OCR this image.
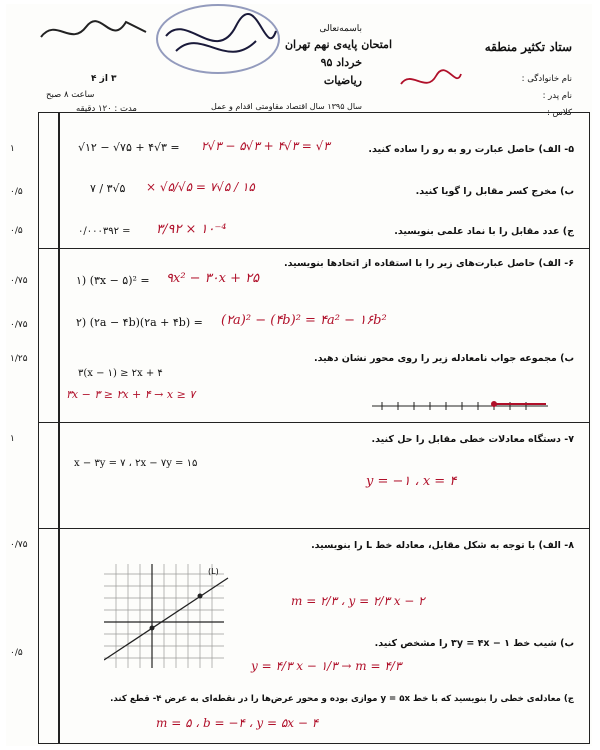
باسمه‌تعالی
امتحان پایه‌ی نهم تهران
خرداد ۹۵
ریاضیات
ستاد تکثیر منطقه
نام خانوادگی :
نام پدر :
کلاس :
۳ از ۴
ساعت ۸ صبح
مدت : ۱۲۰ دقیقه	سال ۱۳۹۵ سال اقتصاد مقاومتی اقدام و عمل
۱	۵- الف) حاصل عبارت رو به رو را ساده کنید.
√۱۲ − √۷۵ + ۴√۳ = ۲√۳ − ۵√۳ + ۴√۳ = √۳
۰/۵	ب) مخرج کسر مقابل را گویا کنید.
۷ / ۳√۵ × √۵/√۵ = ۷√۵ / ۱۵
۰/۵	ج) عدد مقابل را با نماد علمی بنویسید.
۰/۰۰۰۳۹۲ = ۳/۹۲ × ۱۰⁻⁴
۰/۷۵
۶- الف) حاصل عبارت‌های زیر را با استفاده از اتحادها بنویسید.
۱) (۳x − ۵)² = ۹x² − ۳۰x + ۲۵
۰/۷۵	۲) (۲a − ۴b)(۲a + ۴b) = (۲a)² − (۴b)² = ۴a² − ۱۶b²
۱/۲۵	ب) مجموعه جواب نامعادله زیر را روی محور نشان دهید.
۳(x − ۱) ≥ ۲x + ۴
۳x − ۳ ≥ ۲x + ۴ → x ≥ ۷
۱	۷- دستگاه معادلات خطی مقابل را حل کنید.
x − ۳y = ۷ ، ۲x − ۷y = ۱۵
y = −۱ ، x = ۴
۰/۷۵	۸- الف) با توجه به شکل مقابل، معادله خط L را بنویسید.
m = ۲/۳ ، y = ۲/۳ x − ۲
(L)
۰/۵
ب) شیب خط ۳y = ۴x − ۱ را مشخص کنید.
y = ۴/۳ x − ۱/۳ → m = ۴/۳
ج) معادله‌ی خطی را بنویسید که با خط y = ۵x موازی بوده و محور عرض‌ها را در نقطه‌ای به عرض ۴- قطع کند.
m = ۵ ، b = −۴ ، y = ۵x − ۴
